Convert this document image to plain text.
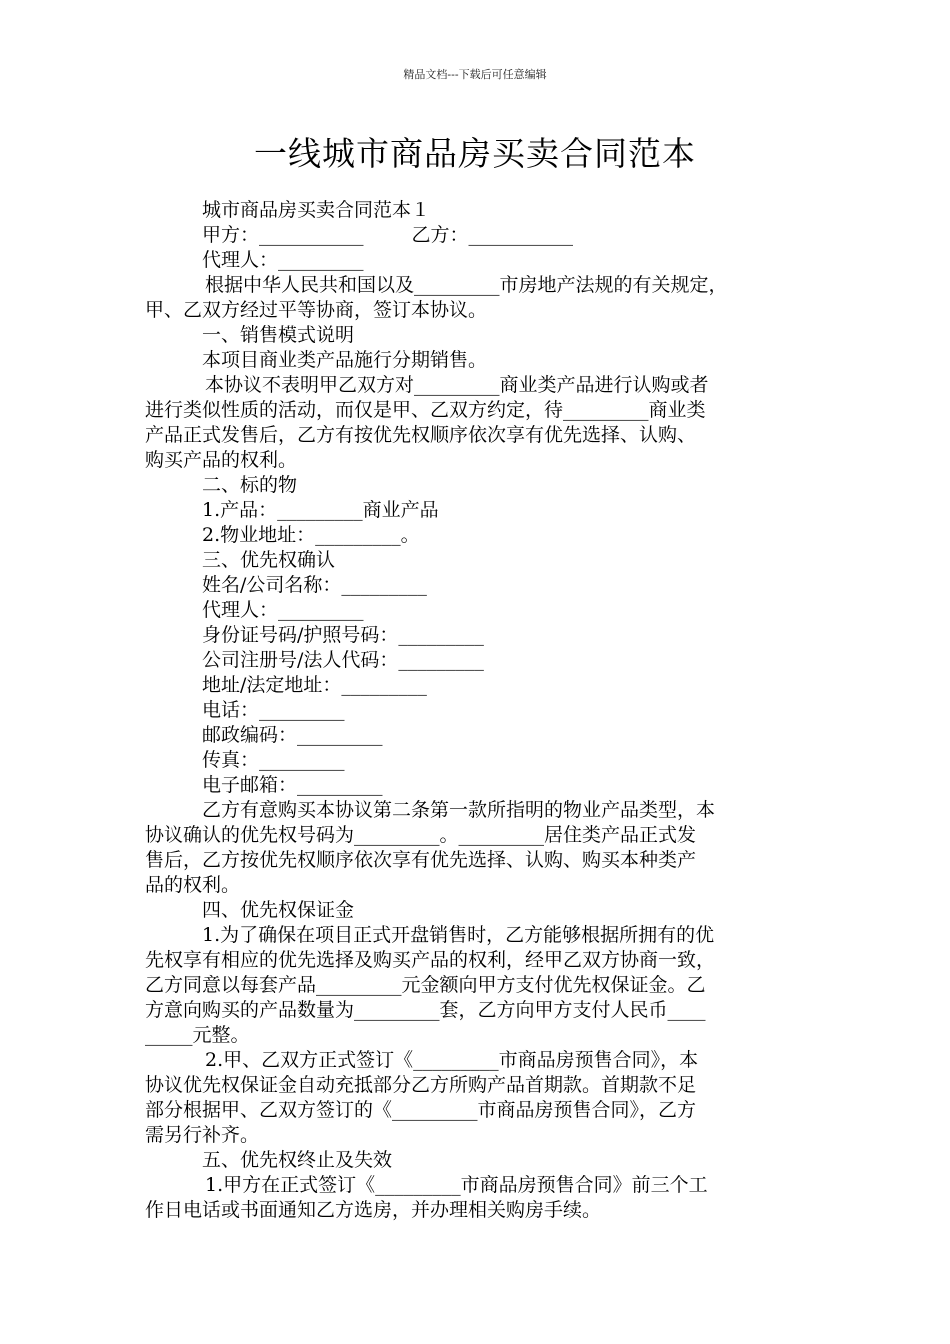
精品文档---下载后可任意编辑
一线城市商品房买卖合同范本
城市商品房买卖合同范本１
甲方：___________	乙方：___________
代理人：_________
根据中华人民共和国以及_________市房地产法规的有关规定，
甲、乙双方经过平等协商，签订本协议。
一、销售模式说明
本项目商业类产品施行分期销售。
本协议不表明甲乙双方对_________商业类产品进行认购或者
进行类似性质的活动，而仅是甲、乙双方约定，待_________商业类
产品正式发售后，乙方有按优先权顺序依次享有优先选择、认购、
购买产品的权利。
二、标的物
1.产品：_________商业产品
2.物业地址：_________。
三、优先权确认
姓名/公司名称：_________
代理人：_________
身份证号码/护照号码：_________
公司注册号/法人代码：_________
地址/法定地址：_________
电话：_________
邮政编码：_________
传真：_________
电子邮箱：_________
乙方有意购买本协议第二条第一款所指明的物业产品类型，本
协议确认的优先权号码为_________。_________居住类产品正式发
售后，乙方按优先权顺序依次享有优先选择、认购、购买本种类产
品的权利。
四、优先权保证金
1.为了确保在项目正式开盘销售时，乙方能够根据所拥有的优
先权享有相应的优先选择及购买产品的权利，经甲乙双方协商一致，
乙方同意以每套产品_________元金额向甲方支付优先权保证金。乙
方意向购买的产品数量为_________套，乙方向甲方支付人民币____
_____元整。
2.甲、乙双方正式签订《_________市商品房预售合同》，本
协议优先权保证金自动充抵部分乙方所购产品首期款。首期款不足
部分根据甲、乙双方签订的《_________市商品房预售合同》，乙方
需另行补齐。
五、优先权终止及失效
1.甲方在正式签订《_________市商品房预售合同》前三个工
作日电话或书面通知乙方选房，并办理相关购房手续。
